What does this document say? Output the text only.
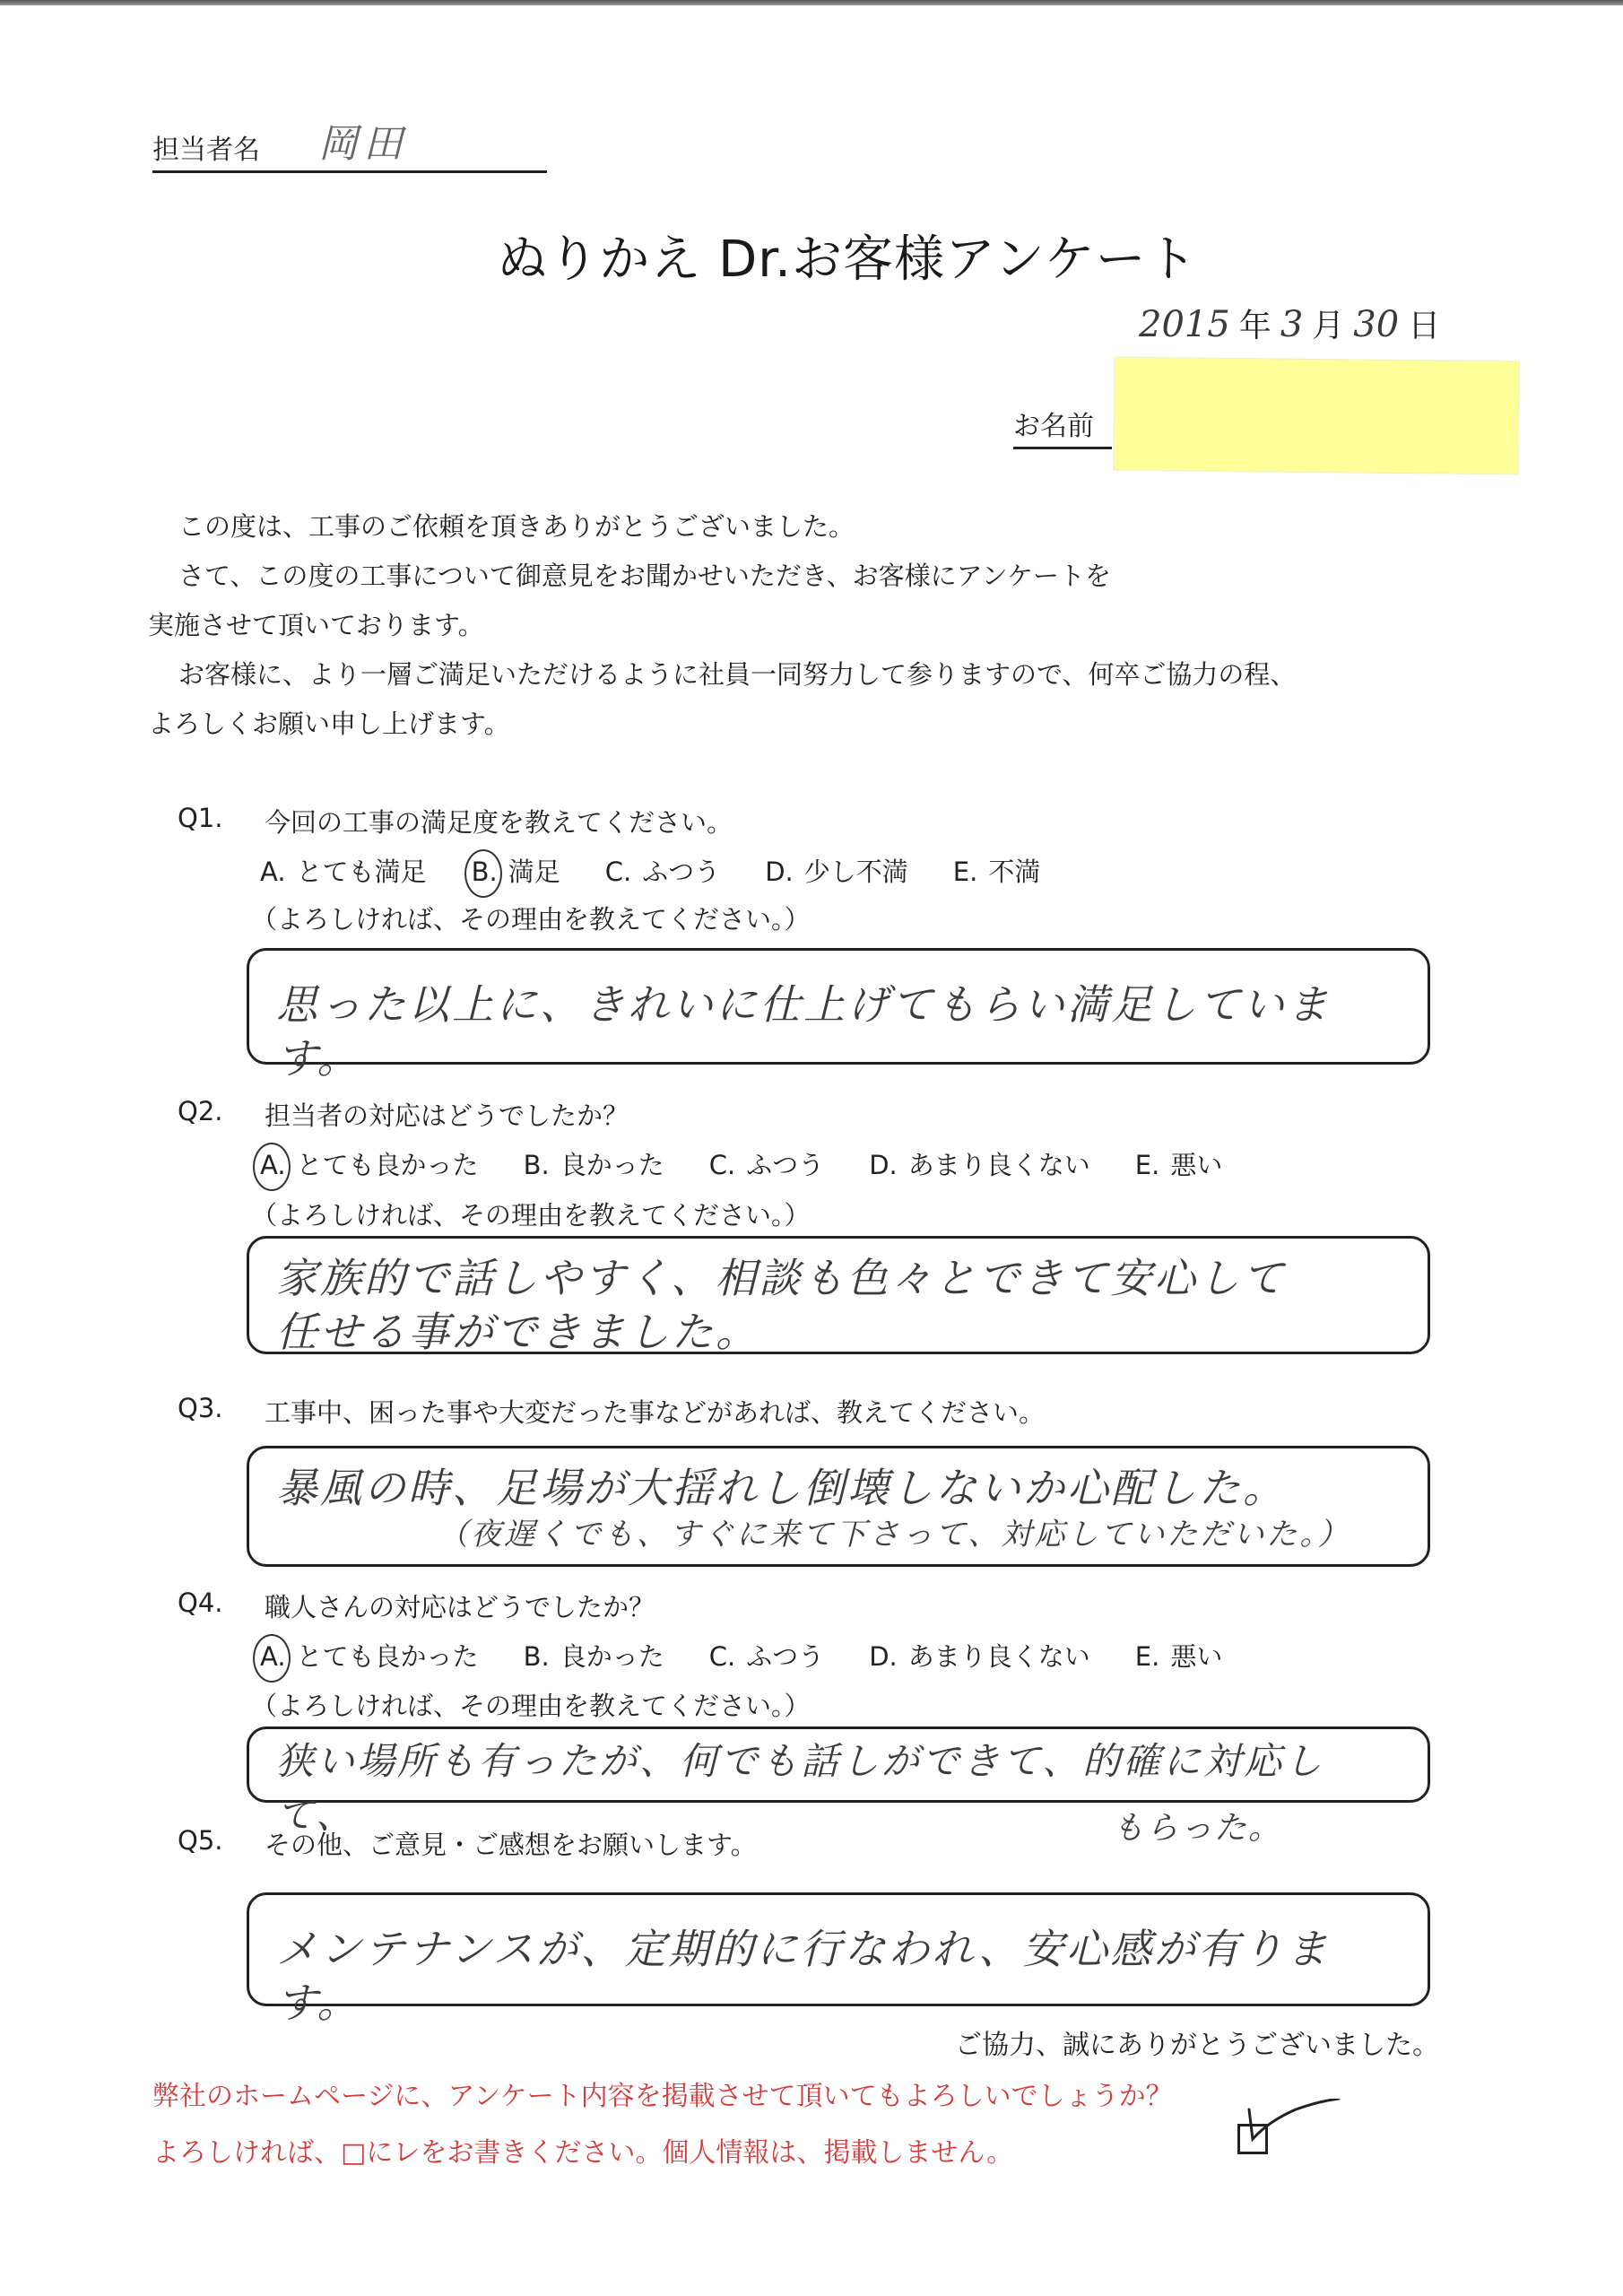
担当者名 岡田
ぬりかえ Dr.お客様アンケート
2015 年 3 月 30 日
お名前

この度は、工事のご依頼を頂きありがとうございました。

さて、この度の工事について御意見をお聞かせいただき、お客様にアンケートを

実施させて頂いております。

お客様に、より一層ご満足いただけるように社員一同努力して参りますので、何卒ご協力の程、

よろしくお願い申し上げます。

Q1. 今回の工事の満足度を教えてください。
A. とても満足 B. 満足 C. ふつう D. 少し不満 E. 不満
（よろしければ、その理由を教えてください。）
思った以上に、きれいに仕上げてもらい満足しています。
Q2. 担当者の対応はどうでしたか？
A. とても良かった B. 良かった C. ふつう D. あまり良くない E. 悪い
（よろしければ、その理由を教えてください。）
家族的で話しやすく、相談も色々とできて安心して
任せる事ができました。
Q3. 工事中、困った事や大変だった事などがあれば、教えてください。
暴風の時、足場が大揺れし倒壊しないか心配した。
（夜遅くでも、すぐに来て下さって、対応していただいた。）
Q4. 職人さんの対応はどうでしたか？
A. とても良かった B. 良かった C. ふつう D. あまり良くない E. 悪い
（よろしければ、その理由を教えてください。）
狭い場所も有ったが、何でも話しができて、的確に対応して、	もらった。
Q5. その他、ご意見・ご感想をお願いします。
メンテナンスが、定期的に行なわれ、安心感が有ります。
ご協力、誠にありがとうございました。
弊社のホームページに、アンケート内容を掲載させて頂いてもよろしいでしょうか？
よろしければ、□にレをお書きください。個人情報は、掲載しません。
